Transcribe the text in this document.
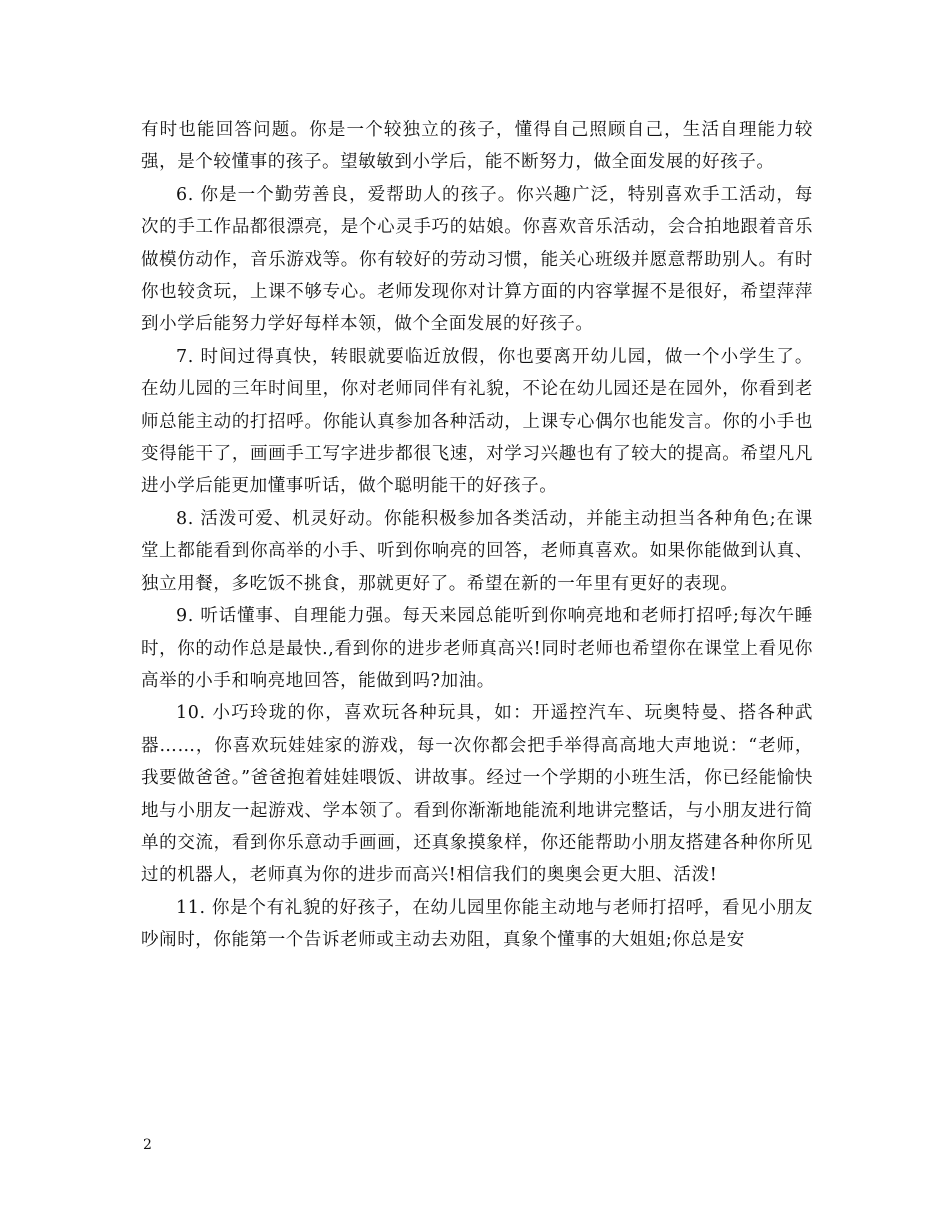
有时也能回答问题。你是一个较独立的孩子，懂得自己照顾自己，生活自理能力较强，是个较懂事的孩子。望敏敏到小学后，能不断努力，做全面发展的好孩子。

6. 你是一个勤劳善良，爱帮助人的孩子。你兴趣广泛，特别喜欢手工活动，每次的手工作品都很漂亮，是个心灵手巧的姑娘。你喜欢音乐活动，会合拍地跟着音乐做模仿动作，音乐游戏等。你有较好的劳动习惯，能关心班级并愿意帮助别人。有时你也较贪玩，上课不够专心。老师发现你对计算方面的内容掌握不是很好，希望萍萍到小学后能努力学好每样本领，做个全面发展的好孩子。

7. 时间过得真快，转眼就要临近放假，你也要离开幼儿园，做一个小学生了。在幼儿园的三年时间里，你对老师同伴有礼貌，不论在幼儿园还是在园外，你看到老师总能主动的打招呼。你能认真参加各种活动，上课专心偶尔也能发言。你的小手也变得能干了，画画手工写字进步都很飞速，对学习兴趣也有了较大的提高。希望凡凡进小学后能更加懂事听话，做个聪明能干的好孩子。

8. 活泼可爱、机灵好动。你能积极参加各类活动，并能主动担当各种角色;在课堂上都能看到你高举的小手、听到你响亮的回答，老师真喜欢。如果你能做到认真、独立用餐，多吃饭不挑食，那就更好了。希望在新的一年里有更好的表现。

9. 听话懂事、自理能力强。每天来园总能听到你响亮地和老师打招呼;每次午睡时，你的动作总是最快.,看到你的进步老师真高兴!同时老师也希望你在课堂上看见你高举的小手和响亮地回答，能做到吗?加油。

10. 小巧玲珑的你，喜欢玩各种玩具，如：开遥控汽车、玩奥特曼、搭各种武器……，你喜欢玩娃娃家的游戏，每一次你都会把手举得高高地大声地说：“老师，我要做爸爸。”爸爸抱着娃娃喂饭、讲故事。经过一个学期的小班生活，你已经能愉快地与小朋友一起游戏、学本领了。看到你渐渐地能流利地讲完整话，与小朋友进行简单的交流，看到你乐意动手画画，还真象摸象样，你还能帮助小朋友搭建各种你所见过的机器人，老师真为你的进步而高兴!相信我们的奥奥会更大胆、活泼!

11. 你是个有礼貌的好孩子，在幼儿园里你能主动地与老师打招呼，看见小朋友吵闹时，你能第一个告诉老师或主动去劝阻，真象个懂事的大姐姐;你总是安

2
